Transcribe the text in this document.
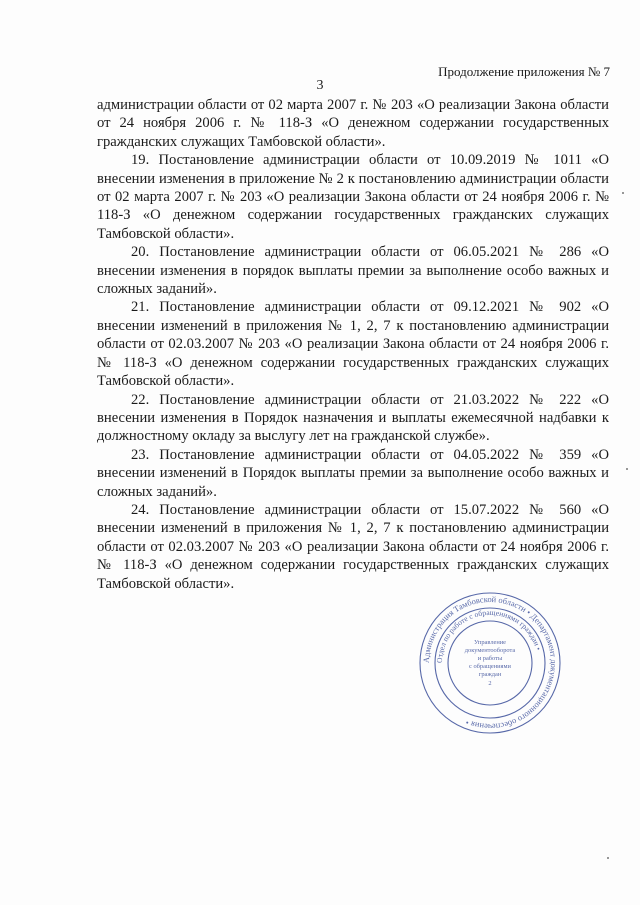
Продолжение приложения № 7
3

администрации области от 02 марта 2007 г. № 203 «О реализации Закона области от 24 ноября 2006 г. № 118-З «О денежном содержании государственных гражданских служащих Тамбовской области».

19. Постановление администрации области от 10.09.2019 № 1011 «О внесении изменения в приложение № 2 к постановлению администрации области от 02 марта 2007 г. № 203 «О реализации Закона области от 24 ноября 2006 г. № 118-З «О денежном содержании государственных гражданских служащих Тамбовской области».

20. Постановление администрации области от 06.05.2021 № 286 «О внесении изменения в порядок выплаты премии за выполнение особо важных и сложных заданий».

21. Постановление администрации области от 09.12.2021 № 902 «О внесении изменений в приложения № 1, 2, 7 к постановлению администрации области от 02.03.2007 № 203 «О реализации Закона области от 24 ноября 2006 г. № 118-З «О денежном содержании государственных гражданских служащих Тамбовской области».

22. Постановление администрации области от 21.03.2022 № 222 «О внесении изменения в Порядок назначения и выплаты ежемесячной надбавки к должностному окладу за выслугу лет на гражданской службе».

23. Постановление администрации области от 04.05.2022 № 359 «О внесении изменений в Порядок выплаты премии за выполнение особо важных и сложных заданий».

24. Постановление администрации области от 15.07.2022 № 560 «О внесении изменений в приложения № 1, 2, 7 к постановлению администрации области от 02.03.2007 № 203 «О реализации Закона области от 24 ноября 2006 г. № 118-З «О денежном содержании государственных гражданских служащих Тамбовской области».

Администрация Тамбовской области • Департамент документационного обеспечения •
Отдел по работе с обращениями граждан •
Управление
документооборота
и работы
с обращениями
граждан
2
